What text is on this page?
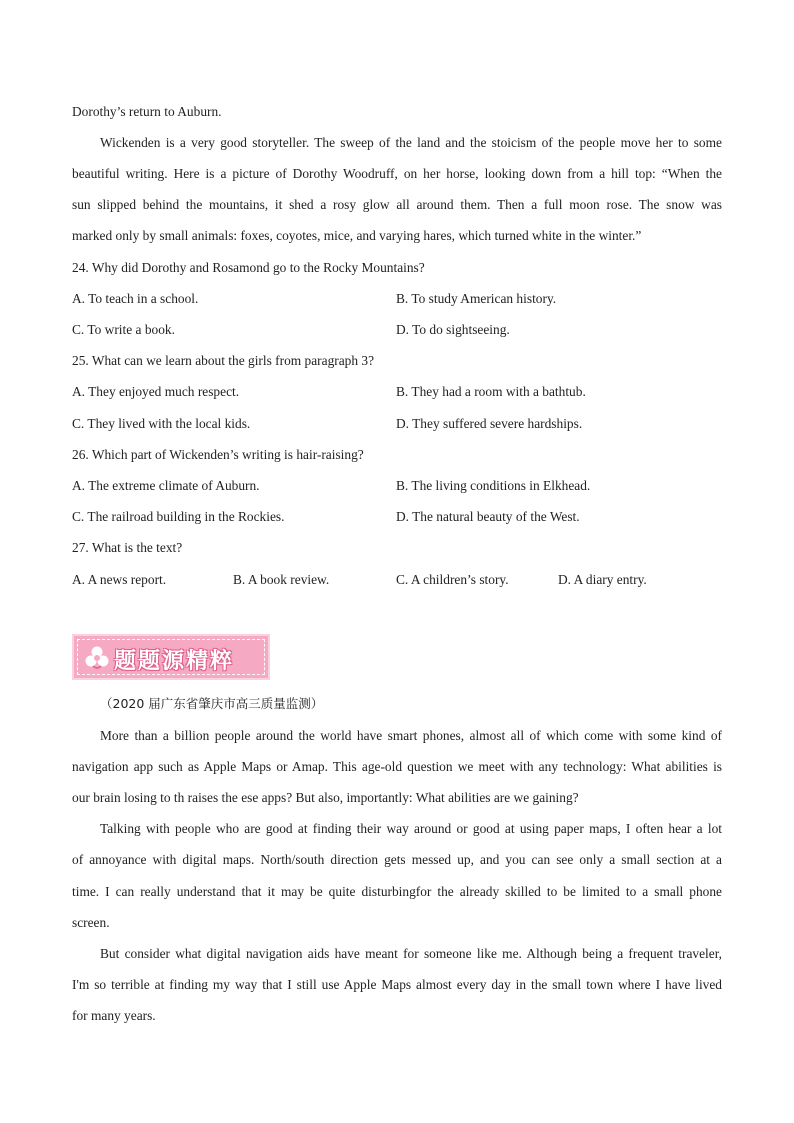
Dorothy’s return to Auburn.
Wickenden is a very good storyteller. The sweep of the land and the stoicism of the people move her to some
beautiful writing. Here is a picture of Dorothy Woodruff, on her horse, looking down from a hill top: “When the
sun slipped behind the mountains, it shed a rosy glow all around them. Then a full moon rose. The snow was
marked only by small animals: foxes, coyotes, mice, and varying hares, which turned white in the winter.”
24. Why did Dorothy and Rosamond go to the Rocky Mountains?
A. To teach in a school.	B. To study American history.
C. To write a book.	D. To do sightseeing.
25. What can we learn about the girls from paragraph 3?
A. They enjoyed much respect.	B. They had a room with a bathtub.
C. They lived with the local kids.	D. They suffered severe hardships.
26. Which part of Wickenden’s writing is hair-raising?
A. The extreme climate of Auburn.	B. The living conditions in Elkhead.
C. The railroad building in the Rockies.	D. The natural beauty of the West.
27. What is the text?
A. A news report.	B. A book review.	C. A children’s story.	D. A diary entry.
题题源精粹
（2020 届广东省肇庆市高三质量监测）
More than a billion people around the world have smart phones, almost all of which come with some kind of
navigation app such as Apple Maps or Amap. This age-old question we meet with any technology: What abilities is
our brain losing to th raises the ese apps? But also, importantly: What abilities are we gaining?
Talking with people who are good at finding their way around or good at using paper maps, I often hear a lot
of annoyance with digital maps. North/south direction gets messed up, and you can see only a small section at a
time. I can really understand that it may be quite disturbingfor the already skilled to be limited to a small phone
screen.
But consider what digital navigation aids have meant for someone like me. Although being a frequent traveler,
I'm so terrible at finding my way that I still use Apple Maps almost every day in the small town where I have lived
for many years.
